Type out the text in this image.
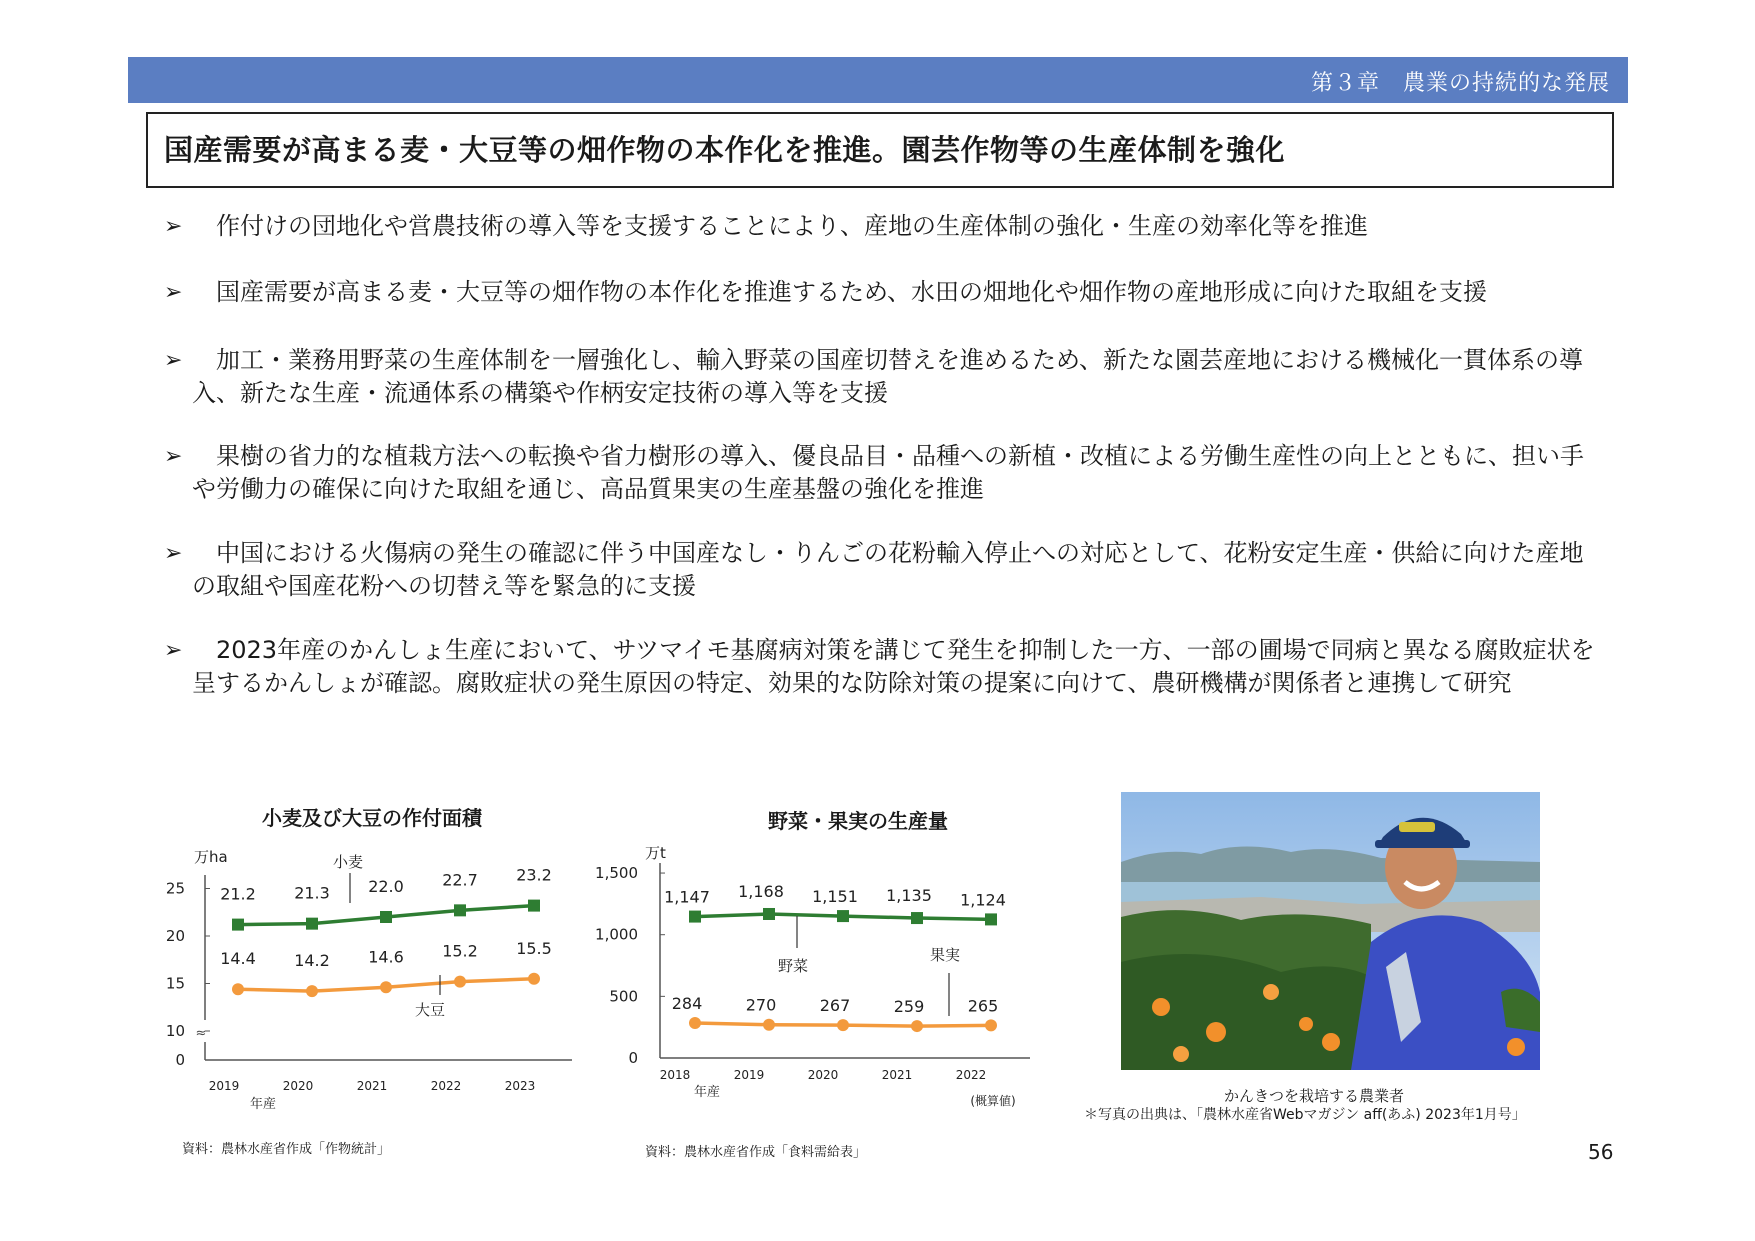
第３章　農業の持続的な発展
国産需要が高まる麦・大豆等の畑作物の本作化を推進。園芸作物等の生産体制を強化
➢	作付けの団地化や営農技術の導入等を支援することにより、産地の生産体制の強化・生産の効率化等を推進
➢	国産需要が高まる麦・大豆等の畑作物の本作化を推進するため、水田の畑地化や畑作物の産地形成に向けた取組を支援
➢	加工・業務用野菜の生産体制を一層強化し、輸入野菜の国産切替えを進めるため、新たな園芸産地における機械化一貫体系の導入、新たな生産・流通体系の構築や作柄安定技術の導入等を支援
➢	果樹の省力的な植栽方法への転換や省力樹形の導入、優良品目・品種への新植・改植による労働生産性の向上とともに、担い手や労働力の確保に向けた取組を通じ、高品質果実の生産基盤の強化を推進
➢	中国における火傷病の発生の確認に伴う中国産なし・りんごの花粉輸入停止への対応として、花粉安定生産・供給に向けた産地の取組や国産花粉への切替え等を緊急的に支援
➢	2023年産のかんしょ生産において、サツマイモ基腐病対策を講じて発生を抑制した一方、一部の圃場で同病と異なる腐敗症状を呈するかんしょが確認。腐敗症状の発生原因の特定、効果的な防除対策の提案に向けて、農研機構が関係者と連携して研究
小麦及び大豆の作付面積
≈
0
10
15
20
25
万ha
2019	2020	2021	2022	2023
年産
21.2 21.3 22.0 22.7 23.2
14.4 14.2 14.6 15.2 15.5
小麦
大豆
資料：農林水産省作成「作物統計」
野菜・果実の生産量
0
500
1,000
1,500
万t
2018	2019	2020	2021	2022
年産
(概算値)
1,147 1,168 1,151 1,135 1,124
284	270	267	259	265
野菜
果実
資料：農林水産省作成「食料需給表」
かんきつを栽培する農業者
＊写真の出典は、「農林水産省Webマガジン aff(あふ) 2023年1月号」
56
